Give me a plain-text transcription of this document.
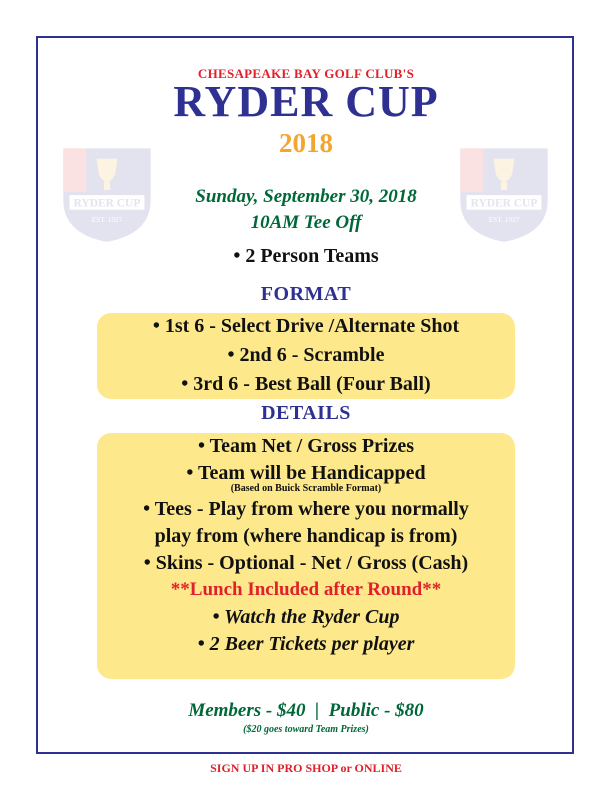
RYDER CUP
EST. 1927
RYDER CUP
EST. 1927
CHESAPEAKE BAY GOLF CLUB'S
RYDER CUP
2018
Sunday, September 30, 2018
10AM Tee Off
• 2 Person Teams
FORMAT
• 1st 6 - Select Drive /Alternate Shot
• 2nd 6 - Scramble
• 3rd 6 - Best Ball (Four Ball)
DETAILS
• Team Net / Gross Prizes
• Team will be Handicapped
(Based on Buick Scramble Format)
• Tees - Play from where you normally
play from (where handicap is from)
• Skins - Optional - Net / Gross (Cash)
**Lunch Included after Round**
• Watch the Ryder Cup
• 2 Beer Tickets per player
Members - $40  |  Public - $80
($20 goes toward Team Prizes)
SIGN UP IN PRO SHOP or ONLINE
